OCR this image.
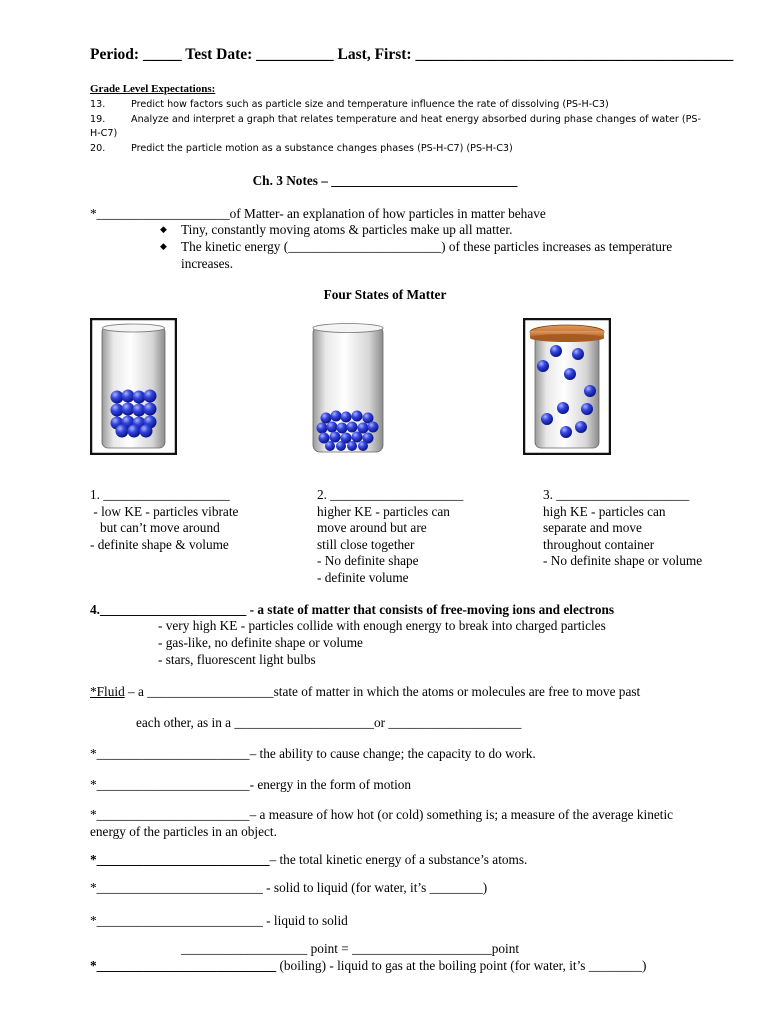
Period: _____ Test Date: __________ Last, First: _________________________________________
Grade Level Expectations:
13.	Predict how factors such as particle size and temperature influence the rate of dissolving (PS-H-C3)
19.	Analyze and interpret a graph that relates temperature and heat energy absorbed during phase changes of water (PS-
H-C7)
20.	Predict the particle motion as a substance changes phases (PS-H-C7) (PS-H-C3)
Ch. 3 Notes – ____________________________
*____________________of Matter- an explanation of how particles in matter behave
◆ Tiny, constantly moving atoms & particles make up all matter.
◆ The kinetic energy (_______________________) of these particles increases as temperature
increases.
Four States of Matter
1. ___________________
- low KE - particles vibrate
but can’t move around
- definite shape & volume
2. ____________________
higher KE - particles can
move around but are
still close together
- No definite shape
- definite volume
3. ____________________
high KE - particles can
separate and move
throughout container
- No definite shape or volume
4.______________________ - a state of matter that consists of free-moving ions and electrons
- very high KE - particles collide with enough energy to break into charged particles
- gas-like, no definite shape or volume
- stars, fluorescent light bulbs
*Fluid – a ___________________state of matter in which the atoms or molecules are free to move past
each other, as in a _____________________or ____________________
*_______________________– the ability to cause change; the capacity to do work.
*_______________________- energy in the form of motion
*_______________________– a measure of how hot (or cold) something is; a measure of the average kinetic
energy of the particles in an object.
*__________________________– the total kinetic energy of a substance’s atoms.
*_________________________ - solid to liquid (for water, it’s ________)
*_________________________ - liquid to solid
___________________ point = _____________________point
*___________________________ (boiling) - liquid to gas at the boiling point (for water, it’s ________)
